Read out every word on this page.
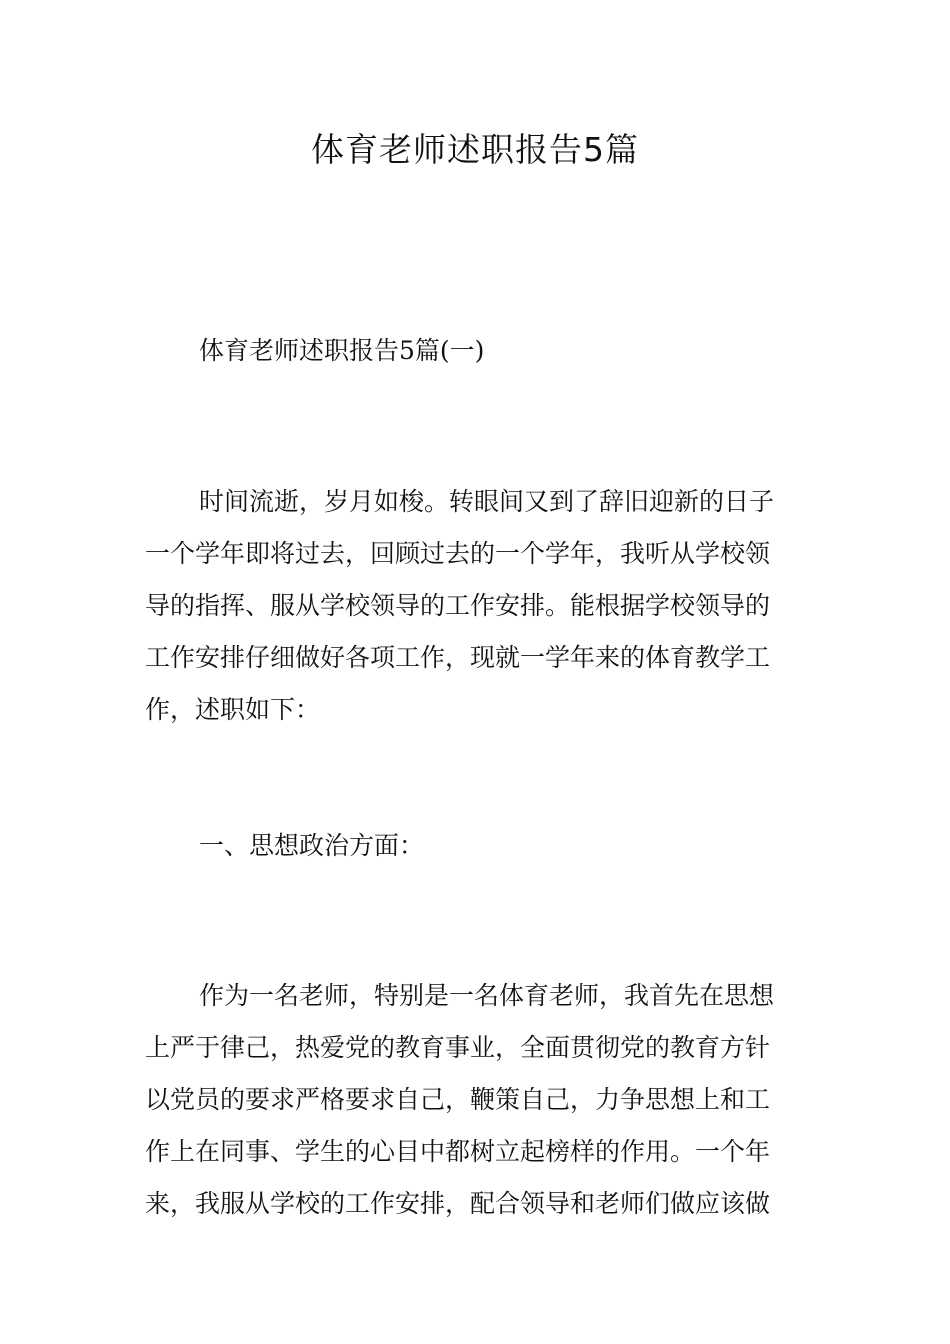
体育老师述职报告5篇

体育老师述职报告5篇(一)

时间流逝，岁月如梭。转眼间又到了辞旧迎新的日子
一个学年即将过去，回顾过去的一个学年，我听从学校领
导的指挥、服从学校领导的工作安排。能根据学校领导的
工作安排仔细做好各项工作，现就一学年来的体育教学工
作，述职如下：

一、思想政治方面：

作为一名老师，特别是一名体育老师，我首先在思想
上严于律己，热爱党的教育事业，全面贯彻党的教育方针
以党员的要求严格要求自己，鞭策自己，力争思想上和工
作上在同事、学生的心目中都树立起榜样的作用。一个年
来，我服从学校的工作安排，配合领导和老师们做应该做
